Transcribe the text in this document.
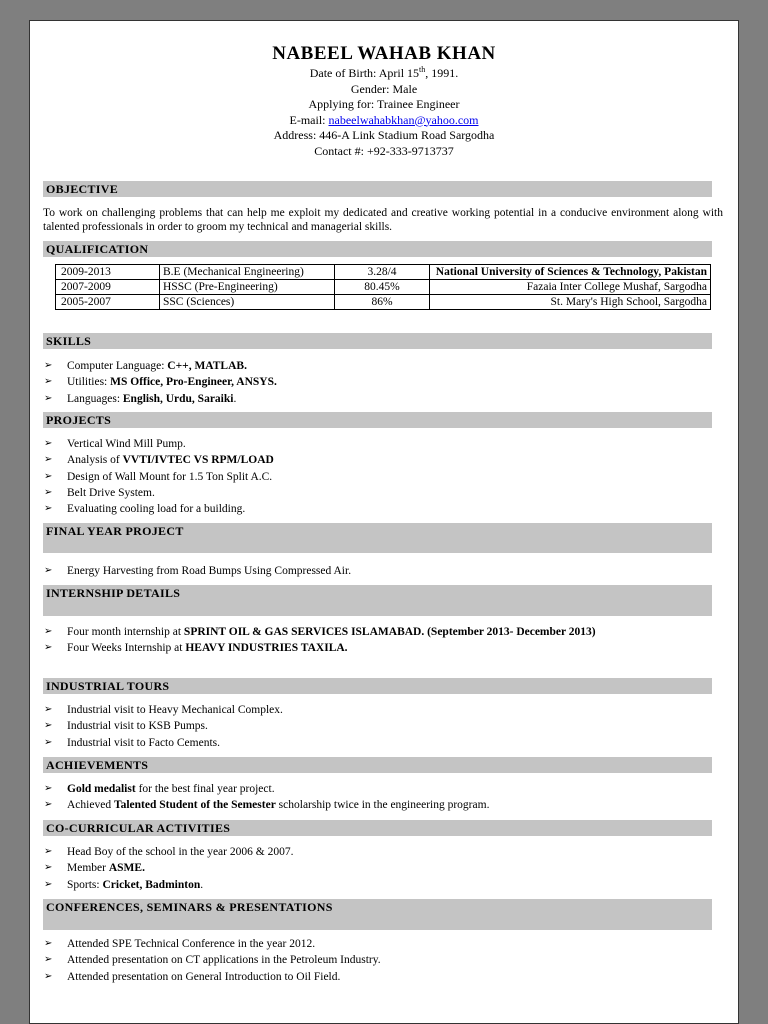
NABEEL WAHAB KHAN
Date of Birth: April 15th, 1991.
Gender: Male
Applying for: Trainee Engineer
E-mail: nabeelwahabkhan@yahoo.com
Address: 446-A Link Stadium Road Sargodha
Contact #: +92-333-9713737
OBJECTIVE
To work on challenging problems that can help me exploit my dedicated and creative working potential in a conducive environment along with talented professionals in order to groom my technical and managerial skills.
QUALIFICATION
2009-2013	B.E (Mechanical Engineering)	3.28/4	National University of Sciences & Technology, Pakistan
2007-2009	HSSC (Pre-Engineering)	80.45%	Fazaia Inter College Mushaf, Sargodha
2005-2007	SSC (Sciences)	86%	St. Mary's High School, Sargodha
SKILLS
➢ Computer Language: C++, MATLAB.
➢ Utilities: MS Office, Pro-Engineer, ANSYS.
➢ Languages: English, Urdu, Saraiki.
PROJECTS
➢ Vertical Wind Mill Pump.
➢ Analysis of VVTI/IVTEC VS RPM/LOAD
➢ Design of Wall Mount for 1.5 Ton Split A.C.
➢ Belt Drive System.
➢ Evaluating cooling load for a building.
FINAL YEAR PROJECT
➢ Energy Harvesting from Road Bumps Using Compressed Air.
INTERNSHIP DETAILS
➢ Four month internship at SPRINT OIL & GAS SERVICES ISLAMABAD. (September 2013- December 2013)
➢ Four Weeks Internship at HEAVY INDUSTRIES TAXILA.
INDUSTRIAL TOURS
➢ Industrial visit to Heavy Mechanical Complex.
➢ Industrial visit to KSB Pumps.
➢ Industrial visit to Facto Cements.
ACHIEVEMENTS
➢ Gold medalist for the best final year project.
➢ Achieved Talented Student of the Semester scholarship twice in the engineering program.
CO-CURRICULAR ACTIVITIES
➢ Head Boy of the school in the year 2006 & 2007.
➢ Member ASME.
➢ Sports: Cricket, Badminton.
CONFERENCES, SEMINARS & PRESENTATIONS
➢ Attended SPE Technical Conference in the year 2012.
➢ Attended presentation on CT applications in the Petroleum Industry.
➢ Attended presentation on General Introduction to Oil Field.
